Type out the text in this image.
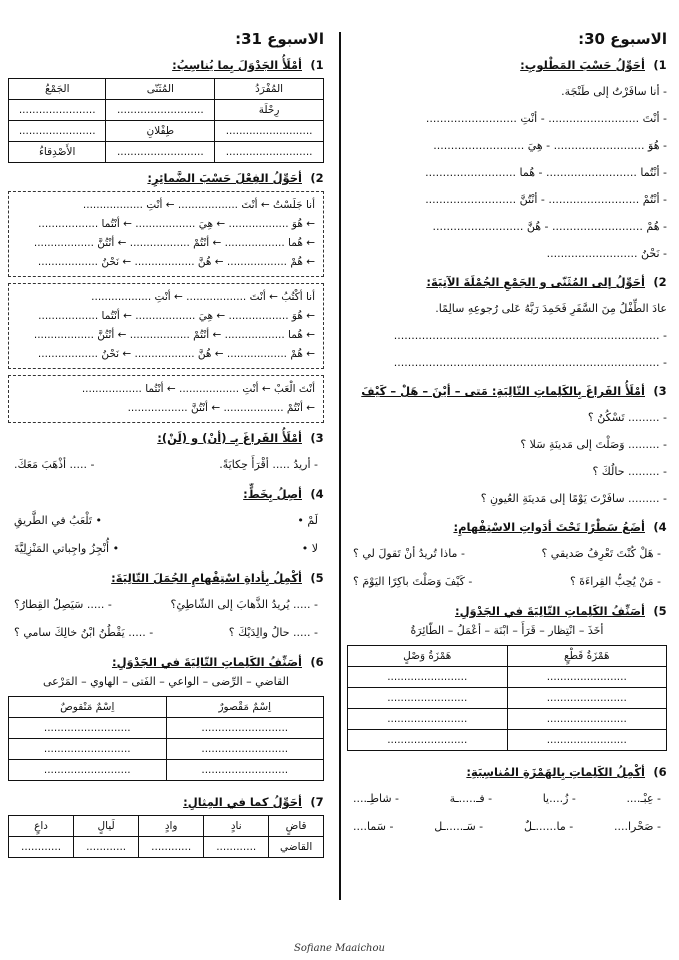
الاسبوع 30:
1)
أحَوِّلُ حَسْبَ المَطْلوبِ:
- أنا سافَرْتُ إلى طَنْجَة.
- أنْتَ .......................... - أنْتِ ..........................
- هُوَ .......................... - هِيَ ..........................
- أنْتُما .......................... - هُما ..........................
- أنْتُمْ .......................... - أنْتُنَّ ..........................
- هُمْ .......................... - هُنَّ ..........................
- نَحْنُ ..........................
2)
أحَوِّلُ إلى المُثَنّى و الجَمْعِ الجُمْلَةَ الآتِيَةَ:
عادَ الطِّفْلُ مِنَ السَّفَرِ فَحَمِدَ رَبَّهُ عَلى رُجوعِهِ سالِمًا.
- ............................................................................
- ............................................................................
3)
أمْلَأُ الفَراغَ بِالكَلِماتِ التّالِيَةِ: مَتى – أيْنَ – هَلْ – كَيْفَ
- ......... تَسْكُنُ ؟
- ......... وَصَلْتَ إلى مَدينَةِ سَلا ؟
- ......... حالُكَ ؟
- ......... سافَرْتَ يَوْمًا إلى مَدينَةِ العُيونِ ؟
4)
أضَعُ سَطْرًا تَحْتَ أدَواتِ الاسْتِفْهامِ:
- هَلْ كُنْتَ تَعْرِفُ صَديقي ؟
- ماذا تُريدُ أنْ تَقولَ لي ؟
- مَنْ يُحِبُّ القِراءَةَ ؟
- كَيْفَ وَصَلْتَ باكِرًا اليَوْمَ ؟
5)
أصَنِّفُ الكَلِماتِ التّالِيَةَ في الجَدْوَلِ:
أخَذَ – انْتِظار – قَرَأَ – ابْنَة – أعْمَلُ – الطّائِرَةُ
هَمْزَةُ قَطْعٍ	هَمْزَةُ وَصْلٍ
........................	........................
........................	........................
........................	........................
........................	........................
6)
أكْمِلُ الكَلِماتِ بِالهَمْزَةِ المُناسِبَةِ:
- عِبْـ....
- زُ....يا
- فـ.....ـة
- شاطِـ....
- صَحْرا....
- ما......ـلٌ
- سَـ.....ـل
- سَما....
الاسبوع 31:
1)
أمْلَأُ الجَدْوَلَ بِما يُناسِبُ:
المُفْرَدُ	المُثَنّى	الجَمْعُ
رِحْلَة	..........................	.......................
..........................	طِفْلانِ	.......................
..........................	..........................	الأَصْدِقاءُ
2)
أحَوِّلُ الفِعْلَ حَسْبَ الضَّمائِرِ:
أنا جَلَسْتُ ← أنْتَ .................. ← أنْتِ ..................
← هُوَ .................. ← هِيَ .................. ← أنْتُما ..................
← هُما .................. ← أنْتُمْ .................. ← أنْتُنَّ ..................
← هُمْ .................. ← هُنَّ .................. ← نَحْنُ ..................
أنا أكْتُبُ ← أنْتَ .................. ← أنْتِ ..................
← هُوَ .................. ← هِيَ .................. ← أنْتُما ..................
← هُما .................. ← أنْتُمْ .................. ← أنْتُنَّ ..................
← هُمْ .................. ← هُنَّ .................. ← نَحْنُ ..................
أنْتَ الْعَبْ ← أنْتِ .................. ← أنْتُما ..................
← أنْتُمْ .................. ← أنْتُنَّ ..................
3)
أمْلَأُ الفَراغَ بِـ (أنْ) و (لَنْ):
- أريدُ ..... أقْرَأَ حِكايَةً.
- ..... أذْهَبَ مَعَكَ.
4)
أصِلُ بِخَطٍّ:
لَمْ •
• تَلْعَبُ في الطَّريقِ
لا •
• أُنْجِزُ واجِباتي المَنْزِلِيَّةَ
5)
أكْمِلُ بِأداةِ اسْتِفْهامِ الجُمَلَ التّالِيَةَ:
- ..... يُريدُ الذَّهابَ إلى الشّاطِئِ؟
- ..... سَيَصِلُ القِطارُ؟
- ..... حالُ والِدَيْكَ ؟
- ..... يَقْطُنُ ابْنُ خالِكَ سامي ؟
6)
أصَنِّفُ الكَلِماتِ التّالِيَةَ في الجَدْوَلِ:
القاضي – الرِّضى – الواعي – الفَتى – الهاوي – المَرْعى
اِسْمٌ مَقْصورٌ	اِسْمٌ مَنْقوصٌ
..........................	..........................
..........................	..........................
..........................	..........................
7)
أحَوِّلُ كما في المِثالِ:
قاضٍ	نادٍ	وادٍ	لَيالٍ	داعٍ
القاضي	............	............	............	............
Sofiane Maaichou
